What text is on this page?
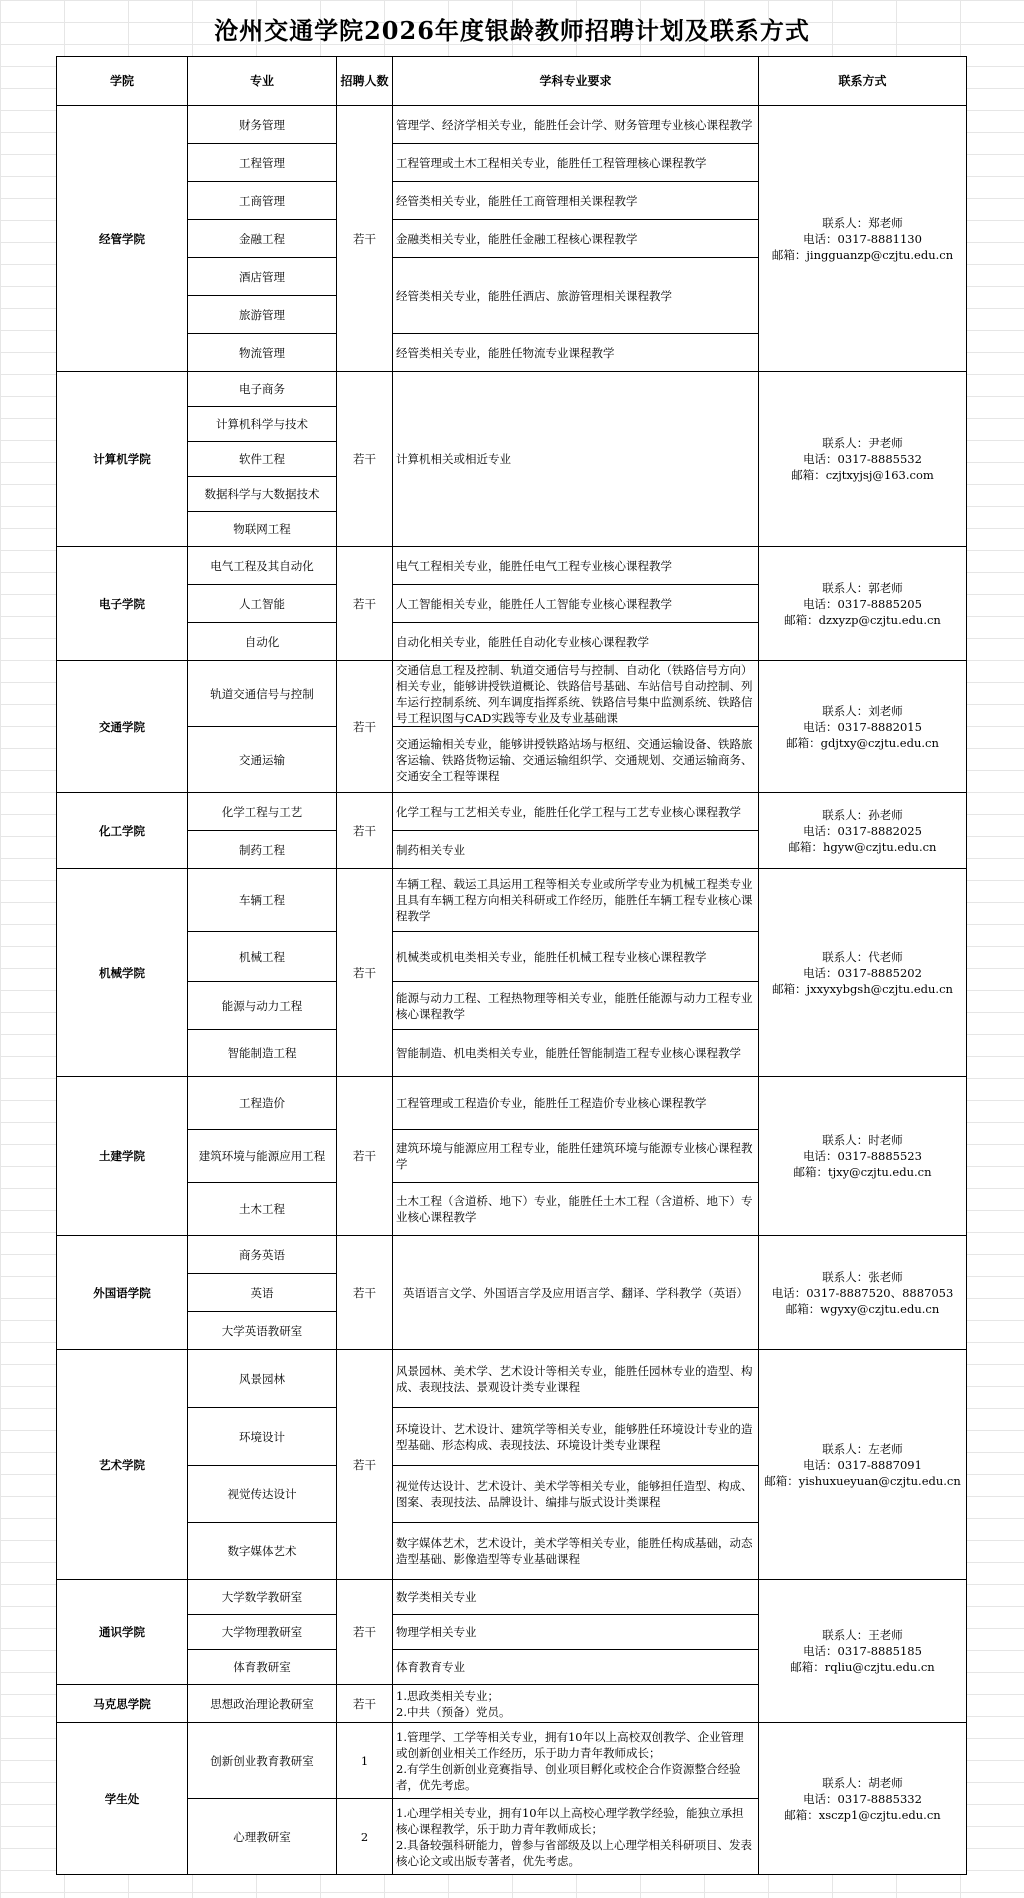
沧州交通学院2026年度银龄教师招聘计划及联系方式
学院	专业	招聘人数	学科专业要求	联系方式
经管学院	财务管理	若干	管理学、经济学相关专业，能胜任会计学、财务管理专业核心课程教学	联系人：郑老师
电话：0317-8881130
邮箱：jingguanzp@czjtu.edu.cn

	工程管理		工程管理或土木工程相关专业，能胜任工程管理核心课程教学	

	工商管理		经管类相关专业，能胜任工商管理相关课程教学	

	金融工程		金融类相关专业，能胜任金融工程核心课程教学	

	酒店管理		经管类相关专业，能胜任酒店、旅游管理相关课程教学	

	旅游管理			
	物流管理		经管类相关专业，能胜任物流专业课程教学	

计算机学院	电子商务	若干	计算机相关或相近专业	联系人：尹老师
电话：0317-8885532
邮箱：czjtxyjsj@163.com

	计算机科学与技术			
	软件工程			
	数据科学与大数据技术			
	物联网工程			
电子学院	电气工程及其自动化	若干	电气工程相关专业，能胜任电气工程专业核心课程教学	联系人：郭老师
电话：0317-8885205
邮箱：dzxyzp@czjtu.edu.cn

	人工智能		人工智能相关专业，能胜任人工智能专业核心课程教学	

	自动化		自动化相关专业，能胜任自动化专业核心课程教学	

交通学院	轨道交通信号与控制	若干	交通信息工程及控制、轨道交通信号与控制、自动化（铁路信号方向）相关专业，能够讲授铁道概论、铁路信号基础、车站信号自动控制、列车运行控制系统、列车调度指挥系统、铁路信号集中监测系统、铁路信号工程识图与CAD实践等专业及专业基础课	联系人：刘老师
电话：0317-8882015
邮箱：gdjtxy@czjtu.edu.cn

	交通运输		交通运输相关专业，能够讲授铁路站场与枢纽、交通运输设备、铁路旅客运输、铁路货物运输、交通运输组织学、交通规划、交通运输商务、交通安全工程等课程	

化工学院	化学工程与工艺	若干	化学工程与工艺相关专业，能胜任化学工程与工艺专业核心课程教学	联系人：孙老师
电话：0317-8882025
邮箱：hgyw@czjtu.edu.cn

	制药工程		制药相关专业	

机械学院	车辆工程	若干	车辆工程、载运工具运用工程等相关专业或所学专业为机械工程类专业且具有车辆工程方向相关科研或工作经历，能胜任车辆工程专业核心课程教学	联系人：代老师
电话：0317-8885202
邮箱：jxxyxybgsh@czjtu.edu.cn

	机械工程		机械类或机电类相关专业，能胜任机械工程专业核心课程教学	

	能源与动力工程		能源与动力工程、工程热物理等相关专业，能胜任能源与动力工程专业核心课程教学	

	智能制造工程		智能制造、机电类相关专业，能胜任智能制造工程专业核心课程教学	

土建学院	工程造价	若干	工程管理或工程造价专业，能胜任工程造价专业核心课程教学	联系人：时老师
电话：0317-8885523
邮箱：tjxy@czjtu.edu.cn

	建筑环境与能源应用工程		建筑环境与能源应用工程专业，能胜任建筑环境与能源专业核心课程教学	

	土木工程		土木工程（含道桥、地下）专业，能胜任土木工程（含道桥、地下）专业核心课程教学	

外国语学院	商务英语	若干	英语语言文学、外国语言学及应用语言学、翻译、学科教学（英语）	联系人：张老师
电话：0317-8887520、8887053
邮箱：wgyxy@czjtu.edu.cn

	英语			
	大学英语教研室			
艺术学院	风景园林	若干	风景园林、美术学、艺术设计等相关专业，能胜任园林专业的造型、构成、表现技法、景观设计类专业课程	联系人：左老师
电话：0317-8887091
邮箱：yishuxueyuan@czjtu.edu.cn

	环境设计		环境设计、艺术设计、建筑学等相关专业，能够胜任环境设计专业的造型基础、形态构成、表现技法、环境设计类专业课程	

	视觉传达设计		视觉传达设计、艺术设计、美术学等相关专业，能够担任造型、构成、图案、表现技法、品牌设计、编排与版式设计类课程	

	数字媒体艺术		数字媒体艺术，艺术设计，美术学等相关专业，能胜任构成基础，动态造型基础、影像造型等专业基础课程	

通识学院	大学数学教研室	若干	数学类相关专业	联系人：王老师
电话：0317-8885185
邮箱：rqliu@czjtu.edu.cn

	大学物理教研室		物理学相关专业	

	体育教研室		体育教育专业	

马克思学院	思想政治理论教研室	若干	1.思政类相关专业；
2.中共（预备）党员。	

学生处	创新创业教育教研室	1	1.管理学、工学等相关专业，拥有10年以上高校双创教学、企业管理或创新创业相关工作经历，乐于助力青年教师成长；
2.有学生创新创业竞赛指导、创业项目孵化或校企合作资源整合经验者，优先考虑。	联系人：胡老师
电话：0317-8885332
邮箱：xsczp1@czjtu.edu.cn

	心理教研室	2	1.心理学相关专业，拥有10年以上高校心理学教学经验，能独立承担核心课程教学，乐于助力青年教师成长；
2.具备较强科研能力，曾参与省部级及以上心理学相关科研项目、发表核心论文或出版专著者，优先考虑。	
